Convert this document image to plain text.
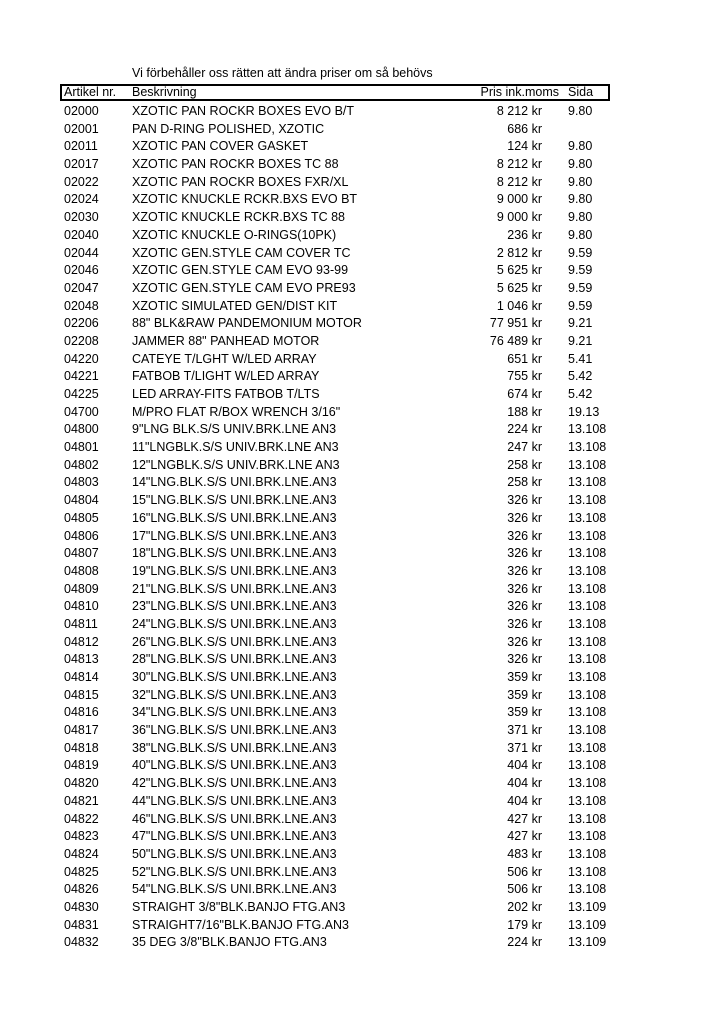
Vi förbehåller oss rätten att ändra priser om så behövs
Artikel nr. Beskrivning	Pris ink.moms Sida
02000	XZOTIC PAN ROCKR BOXES EVO B/T	8 212 kr 9.80
02001	PAN D-RING POLISHED, XZOTIC	686 kr
02011	XZOTIC PAN COVER GASKET	124 kr 9.80
02017	XZOTIC PAN ROCKR BOXES TC 88	8 212 kr 9.80
02022	XZOTIC PAN ROCKR BOXES FXR/XL	8 212 kr 9.80
02024	XZOTIC KNUCKLE RCKR.BXS EVO BT	9 000 kr 9.80
02030	XZOTIC KNUCKLE RCKR.BXS TC 88	9 000 kr 9.80
02040	XZOTIC KNUCKLE O-RINGS(10PK)	236 kr 9.80
02044	XZOTIC GEN.STYLE CAM COVER TC	2 812 kr 9.59
02046	XZOTIC GEN.STYLE CAM EVO 93-99	5 625 kr 9.59
02047	XZOTIC GEN.STYLE CAM EVO PRE93	5 625 kr 9.59
02048	XZOTIC SIMULATED GEN/DIST KIT	1 046 kr 9.59
02206	88" BLK&RAW PANDEMONIUM MOTOR	77 951 kr 9.21
02208	JAMMER 88" PANHEAD MOTOR	76 489 kr 9.21
04220	CATEYE T/LGHT W/LED ARRAY	651 kr 5.41
04221	FATBOB T/LIGHT W/LED ARRAY	755 kr 5.42
04225	LED ARRAY-FITS FATBOB T/LTS	674 kr 5.42
04700	M/PRO FLAT R/BOX WRENCH 3/16"	188 kr 19.13
04800	9"LNG BLK.S/S UNIV.BRK.LNE AN3	224 kr 13.108
04801	11"LNGBLK.S/S UNIV.BRK.LNE AN3	247 kr 13.108
04802	12"LNGBLK.S/S UNIV.BRK.LNE AN3	258 kr 13.108
04803	14"LNG.BLK.S/S UNI.BRK.LNE.AN3	258 kr 13.108
04804	15"LNG.BLK.S/S UNI.BRK.LNE.AN3	326 kr 13.108
04805	16"LNG.BLK.S/S UNI.BRK.LNE.AN3	326 kr 13.108
04806	17"LNG.BLK.S/S UNI.BRK.LNE.AN3	326 kr 13.108
04807	18"LNG.BLK.S/S UNI.BRK.LNE.AN3	326 kr 13.108
04808	19"LNG.BLK.S/S UNI.BRK.LNE.AN3	326 kr 13.108
04809	21"LNG.BLK.S/S UNI.BRK.LNE.AN3	326 kr 13.108
04810	23"LNG.BLK.S/S UNI.BRK.LNE.AN3	326 kr 13.108
04811	24"LNG.BLK.S/S UNI.BRK.LNE.AN3	326 kr 13.108
04812	26"LNG.BLK.S/S UNI.BRK.LNE.AN3	326 kr 13.108
04813	28"LNG.BLK.S/S UNI.BRK.LNE.AN3	326 kr 13.108
04814	30"LNG.BLK.S/S UNI.BRK.LNE.AN3	359 kr 13.108
04815	32"LNG.BLK.S/S UNI.BRK.LNE.AN3	359 kr 13.108
04816	34"LNG.BLK.S/S UNI.BRK.LNE.AN3	359 kr 13.108
04817	36"LNG.BLK.S/S UNI.BRK.LNE.AN3	371 kr 13.108
04818	38"LNG.BLK.S/S UNI.BRK.LNE.AN3	371 kr 13.108
04819	40"LNG.BLK.S/S UNI.BRK.LNE.AN3	404 kr 13.108
04820	42"LNG.BLK.S/S UNI.BRK.LNE.AN3	404 kr 13.108
04821	44"LNG.BLK.S/S UNI.BRK.LNE.AN3	404 kr 13.108
04822	46"LNG.BLK.S/S UNI.BRK.LNE.AN3	427 kr 13.108
04823	47"LNG.BLK.S/S UNI.BRK.LNE.AN3	427 kr 13.108
04824	50"LNG.BLK.S/S UNI.BRK.LNE.AN3	483 kr 13.108
04825	52"LNG.BLK.S/S UNI.BRK.LNE.AN3	506 kr 13.108
04826	54"LNG.BLK.S/S UNI.BRK.LNE.AN3	506 kr 13.108
04830	STRAIGHT 3/8"BLK.BANJO FTG.AN3	202 kr 13.109
04831	STRAIGHT7/16"BLK.BANJO FTG.AN3	179 kr 13.109
04832	35 DEG 3/8"BLK.BANJO FTG.AN3	224 kr 13.109
